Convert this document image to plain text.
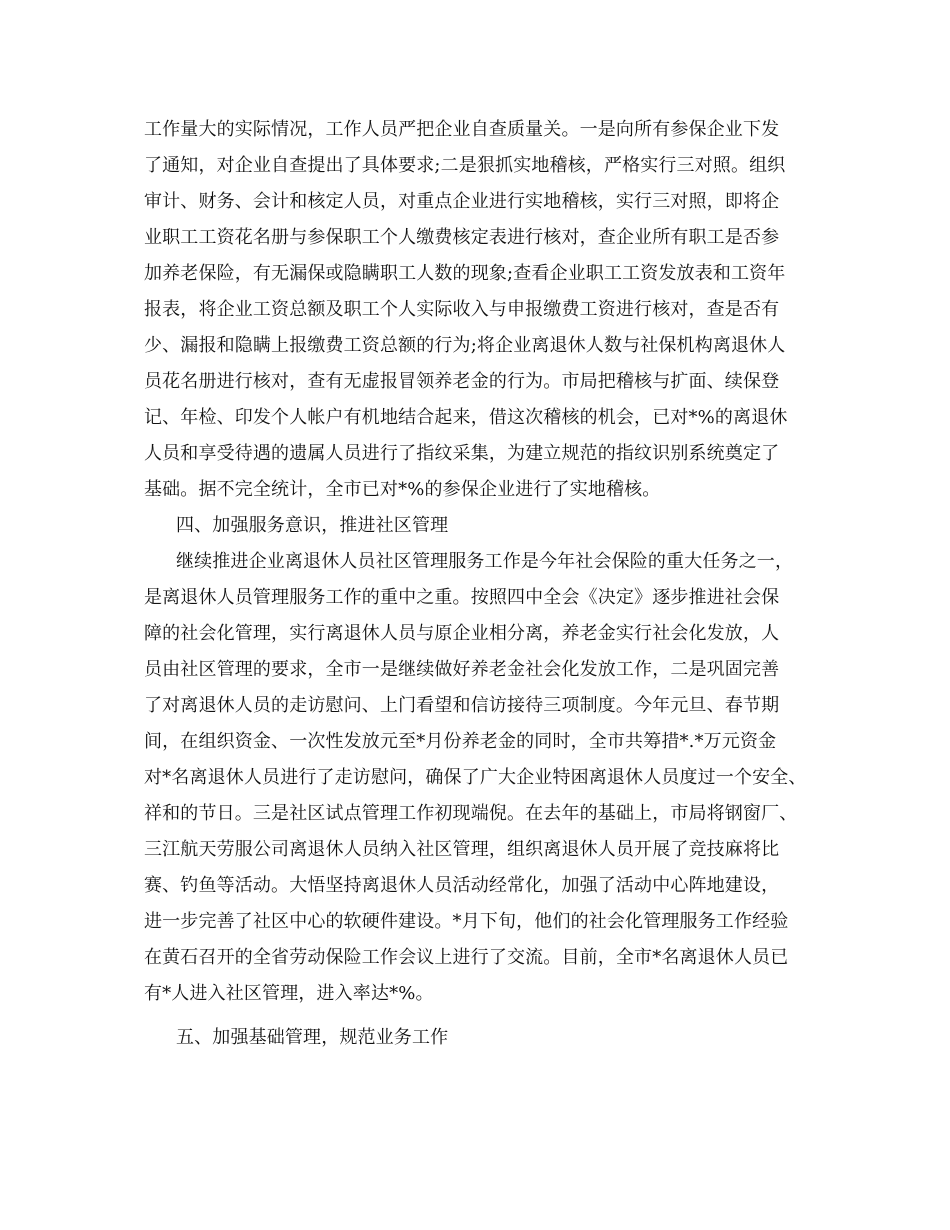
工作量大的实际情况，工作人员严把企业自查质量关。一是向所有参保企业下发
了通知，对企业自查提出了具体要求;二是狠抓实地稽核，严格实行三对照。组织
审计、财务、会计和核定人员，对重点企业进行实地稽核，实行三对照，即将企
业职工工资花名册与参保职工个人缴费核定表进行核对，查企业所有职工是否参
加养老保险，有无漏保或隐瞒职工人数的现象;查看企业职工工资发放表和工资年
报表，将企业工资总额及职工个人实际收入与申报缴费工资进行核对，查是否有
少、漏报和隐瞒上报缴费工资总额的行为;将企业离退休人数与社保机构离退休人
员花名册进行核对，查有无虚报冒领养老金的行为。市局把稽核与扩面、续保登
记、年检、印发个人帐户有机地结合起来，借这次稽核的机会，已对*%的离退休
人员和享受待遇的遗属人员进行了指纹采集，为建立规范的指纹识别系统奠定了
基础。据不完全统计，全市已对*%的参保企业进行了实地稽核。
四、加强服务意识，推进社区管理
继续推进企业离退休人员社区管理服务工作是今年社会保险的重大任务之一，
是离退休人员管理服务工作的重中之重。按照四中全会《决定》逐步推进社会保
障的社会化管理，实行离退休人员与原企业相分离，养老金实行社会化发放，人
员由社区管理的要求，全市一是继续做好养老金社会化发放工作，二是巩固完善
了对离退休人员的走访慰问、上门看望和信访接待三项制度。今年元旦、春节期
间，在组织资金、一次性发放元至*月份养老金的同时，全市共筹措*.*万元资金
对*名离退休人员进行了走访慰问，确保了广大企业特困离退休人员度过一个安全、
祥和的节日。三是社区试点管理工作初现端倪。在去年的基础上，市局将钢窗厂、
三江航天劳服公司离退休人员纳入社区管理，组织离退休人员开展了竞技麻将比
赛、钓鱼等活动。大悟坚持离退休人员活动经常化，加强了活动中心阵地建设，
进一步完善了社区中心的软硬件建设。*月下旬，他们的社会化管理服务工作经验
在黄石召开的全省劳动保险工作会议上进行了交流。目前，全市*名离退休人员已
有*人进入社区管理，进入率达*%。
五、加强基础管理，规范业务工作
